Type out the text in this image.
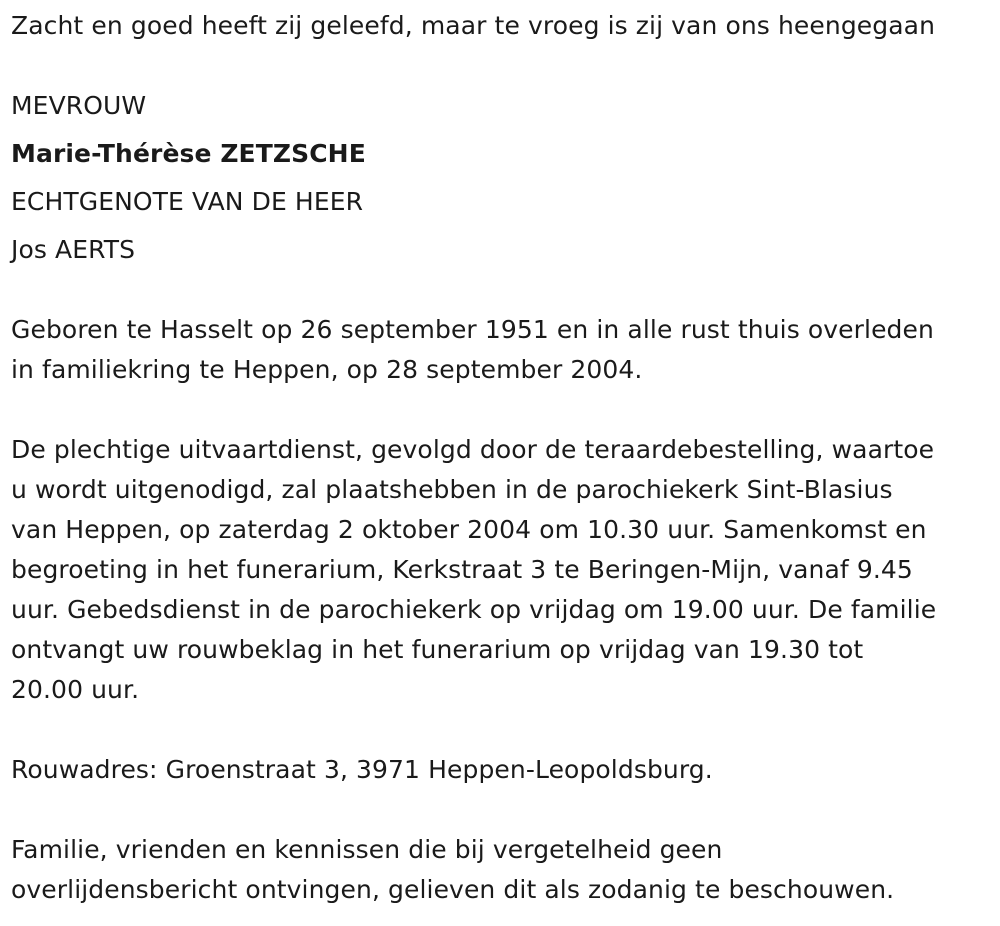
Zacht en goed heeft zij geleefd, maar te vroeg is zij van ons heengegaan
MEVROUW
Marie-Thérèse ZETZSCHE
ECHTGENOTE VAN DE HEER
Jos AERTS
Geboren te Hasselt op 26 september 1951 en in alle rust thuis overleden
in familiekring te Heppen, op 28 september 2004.
De plechtige uitvaartdienst, gevolgd door de teraardebestelling, waartoe
u wordt uitgenodigd, zal plaatshebben in de parochiekerk Sint-Blasius
van Heppen, op zaterdag 2 oktober 2004 om 10.30 uur. Samenkomst en
begroeting in het funerarium, Kerkstraat 3 te Beringen-Mijn, vanaf 9.45
uur. Gebedsdienst in de parochiekerk op vrijdag om 19.00 uur. De familie
ontvangt uw rouwbeklag in het funerarium op vrijdag van 19.30 tot
20.00 uur.
Rouwadres: Groenstraat 3, 3971 Heppen-Leopoldsburg.
Familie, vrienden en kennissen die bij vergetelheid geen
overlijdensbericht ontvingen, gelieven dit als zodanig te beschouwen.
